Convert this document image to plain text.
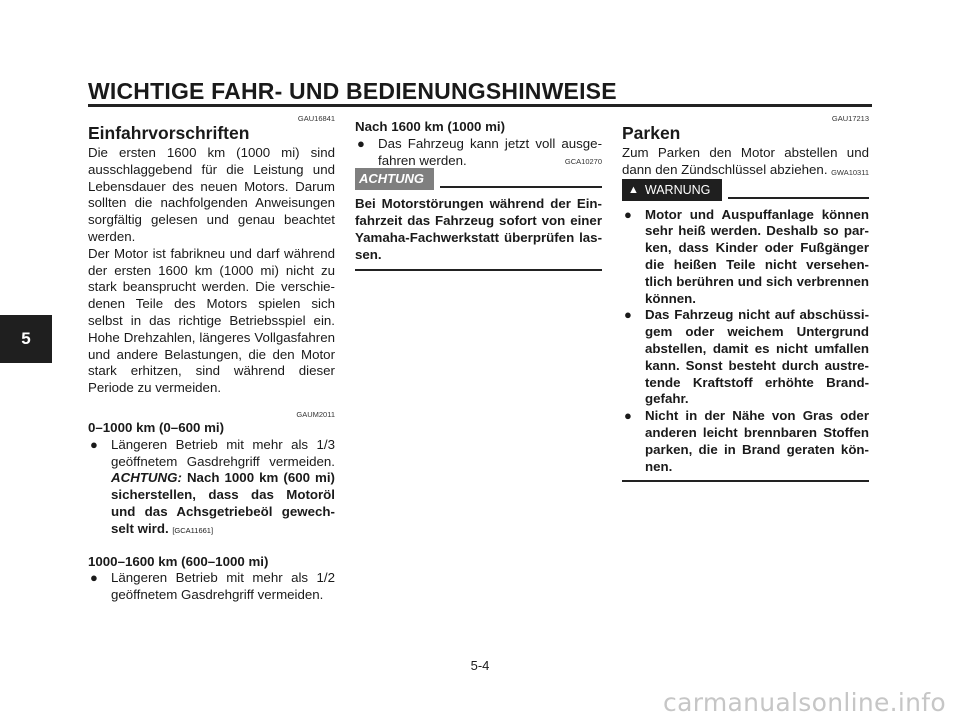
WICHTIGE FAHR- UND BEDIENUNGSHINWEISE
5
GAU16841
Einfahrvorschriften

Die ersten 1600 km (1000 mi) sind ausschlaggebend für die Leistung und Lebensdauer des neuen Motors. Darum sollten die nachfolgenden Anweisungen sorgfältig gelesen und genau beachtet werden.

Der Motor ist fabrikneu und darf während der ersten 1600 km (1000 mi) nicht zu stark beansprucht werden. Die verschie-denen Teile des Motors spielen sich selbst in das richtige Betriebsspiel ein. Hohe Drehzahlen, längeres Vollgasfahren und andere Belastungen, die den Motor stark erhitzen, sind während dieser Periode zu vermeiden.

GAUM2011

0–1000 km (0–600 mi)

● Längeren Betrieb mit mehr als 1/3 geöffnetem Gasdrehgriff vermeiden. ACHTUNG: Nach 1000 km (600 mi) sicherstellen, dass das Motoröl und das Achsgetriebeöl gewech-selt wird. [GCA11661]

1000–1600 km (600–1000 mi)

● Längeren Betrieb mit mehr als 1/2 geöffnetem Gasdrehgriff vermeiden.

Nach 1600 km (1000 mi)

● Das Fahrzeug kann jetzt voll ausge-fahren werden.	GCA10270
ACHTUNG

Bei Motorstörungen während der Ein-fahrzeit das Fahrzeug sofort von einer Yamaha-Fachwerkstatt überprüfen las-sen.

GAU17213
Parken

Zum Parken den Motor abstellen und dann den Zündschlüssel abziehen. GWA10311
▲ WARNUNG
● Motor und Auspuffanlage können sehr heiß werden. Deshalb so par-ken, dass Kinder oder Fußgänger die heißen Teile nicht versehen-tlich berühren und sich verbrennen können.
● Das Fahrzeug nicht auf abschüssi-gem oder weichem Untergrund abstellen, damit es nicht umfallen kann. Sonst besteht durch austre-tende Kraftstoff erhöhte Brand-gefahr.
● Nicht in der Nähe von Gras oder anderen leicht brennbaren Stoffen parken, die in Brand geraten kön-nen.
5-4
carmanualsonline.info
